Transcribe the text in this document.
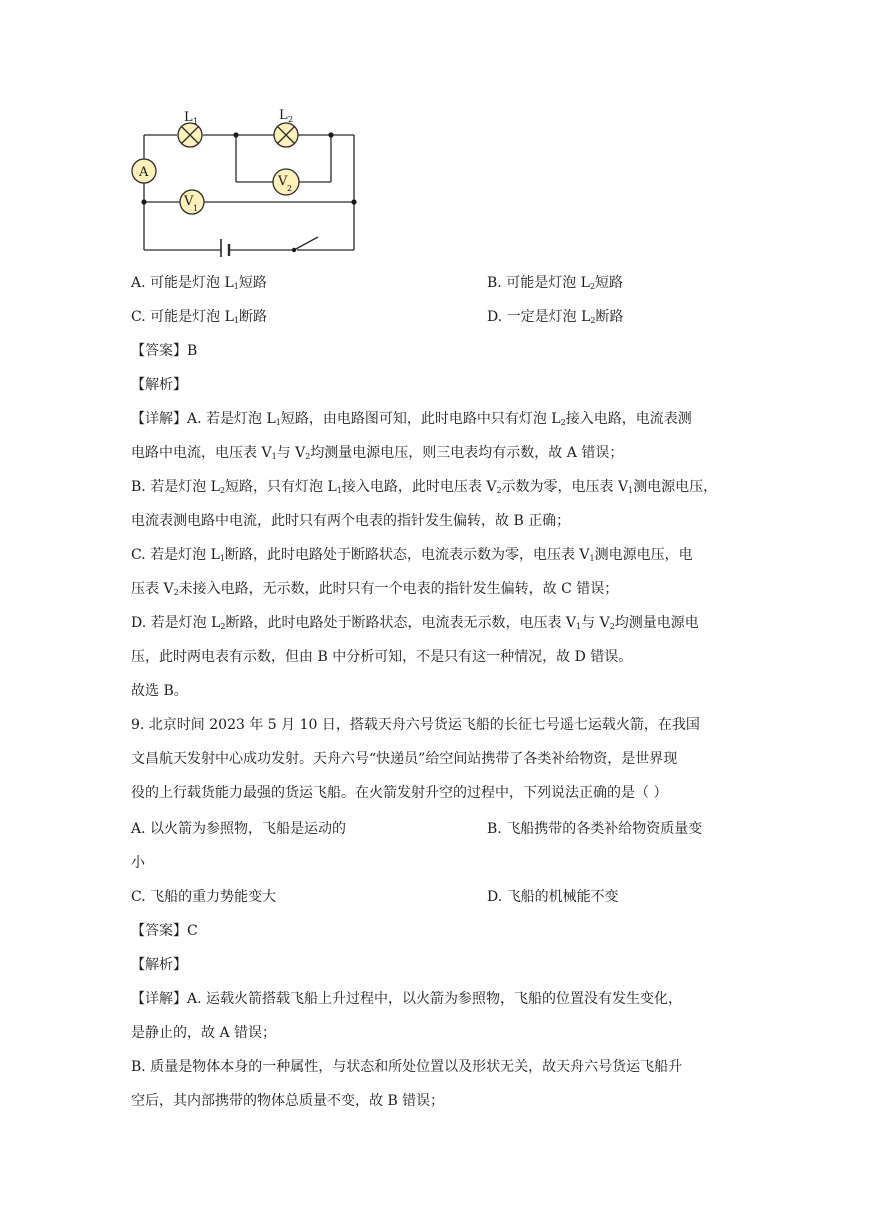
L 1	L 2
A
V 2
V 1
A. 可能是灯泡 $L_1$短路	B. 可能是灯泡 $L_2$短路
C. 可能是灯泡 $L_1$断路	D. 一定是灯泡 $L_2$断路
【答案】B
【解析】
【详解】A. 若是灯泡 $L_1$短路，由电路图可知，此时电路中只有灯泡 $L_2$接入电路，电流表测
电路中电流，电压表 $V_1$与 $V_2$均测量电源电压，则三电表均有示数，故 A 错误；
B. 若是灯泡 $L_2$短路，只有灯泡 $L_1$接入电路，此时电压表 $V_2$示数为零，电压表 $V_1$测电源电压，
电流表测电路中电流，此时只有两个电表的指针发生偏转，故 B 正确；
C. 若是灯泡 $L_1$断路，此时电路处于断路状态，电流表示数为零，电压表 $V_1$测电源电压，电
压表 $V_2$未接入电路，无示数，此时只有一个电表的指针发生偏转，故 C 错误；
D. 若是灯泡 $L_2$断路，此时电路处于断路状态，电流表无示数，电压表 $V_1$与 $V_2$均测量电源电
压，此时两电表有示数，但由 B 中分析可知，不是只有这一种情况，故 D 错误。
故选 B。
9. 北京时间 2023 年 5 月 10 日，搭载天舟六号货运飞船的长征七号遥七运载火箭，在我国
文昌航天发射中心成功发射。天舟六号“快递员”给空间站携带了各类补给物资，是世界现
役的上行载货能力最强的货运飞船。在火箭发射升空的过程中，下列说法正确的是（ ）
A. 以火箭为参照物，飞船是运动的	B. 飞船携带的各类补给物资质量变
小
C. 飞船的重力势能变大	D. 飞船的机械能不变
【答案】C
【解析】
【详解】A. 运载火箭搭载飞船上升过程中，以火箭为参照物，飞船的位置没有发生变化，
是静止的，故 A 错误；
B. 质量是物体本身的一种属性，与状态和所处位置以及形状无关，故天舟六号货运飞船升
空后，其内部携带的物体总质量不变，故 B 错误；
